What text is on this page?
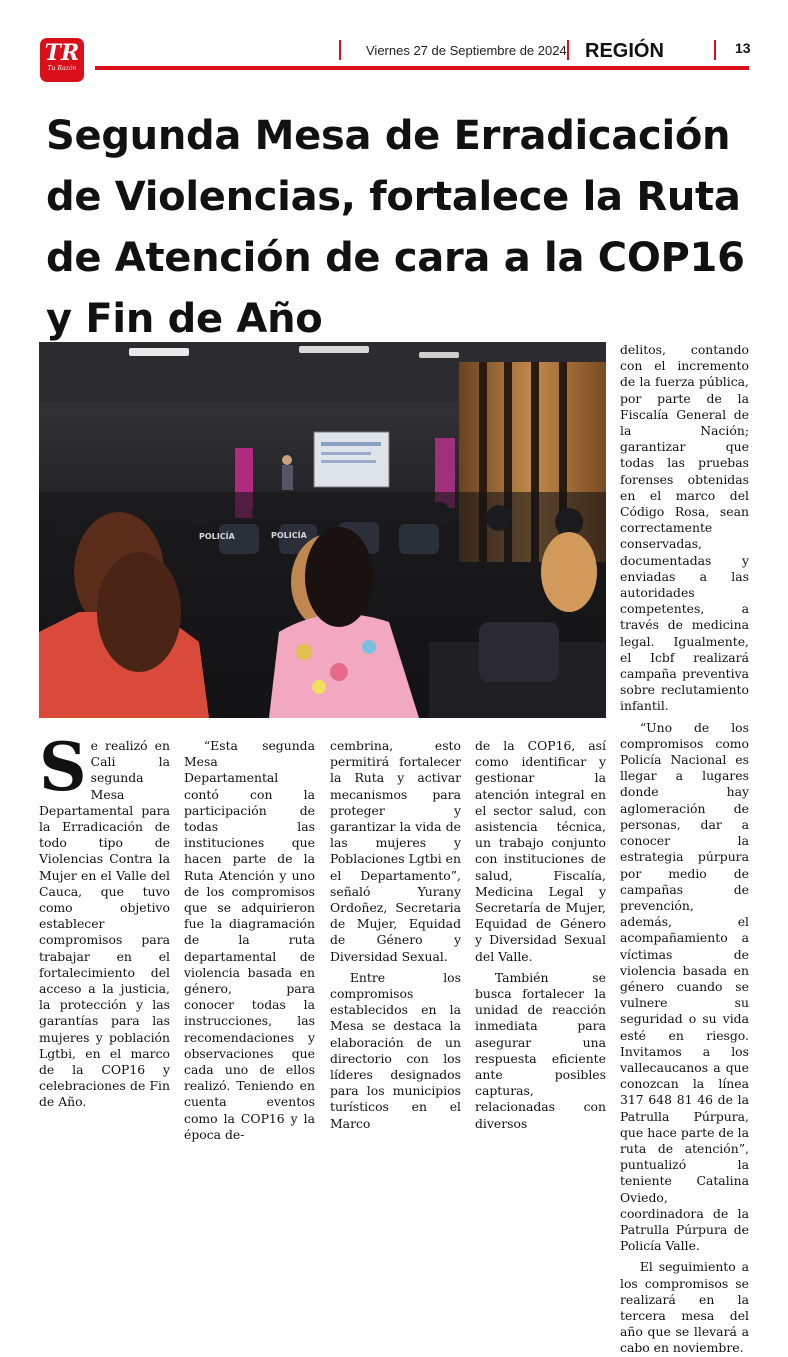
TR
Tu Razón
Viernes 27 de Septiembre de 2024 REGIÓN	13
Segunda Mesa de Erradicación de Violencias, fortalece la Ruta de Atención de cara a la COP16 y Fin de Año
POLICÍA	POLICÍA
S e realizó en Cali la segunda Mesa Departamental para la Erradicación de todo tipo de Violencias Contra la Mujer en el Valle del Cauca, que tuvo como objetivo establecer compromisos para trabajar en el fortalecimiento del acceso a la justicia, la protección y las garantías para las mujeres y población Lgtbi, en el marco de la COP16 y celebraciones de Fin de Año.

“Esta segunda Mesa Departamental contó con la participación de todas las instituciones que hacen parte de la Ruta Atención y uno de los compromisos que se adquirieron fue la diagramación de la ruta departamental de violencia basada en género, para conocer todas la instrucciones, las recomendaciones y observaciones que cada uno de ellos realizó. Teniendo en cuenta eventos como la COP16 y la época de-

cembrina, esto permitirá fortalecer la Ruta y activar mecanismos para proteger y garantizar la vida de las mujeres y Poblaciones Lgtbi en el Departamento”, señaló Yurany Ordoñez, Secretaria de Mujer, Equidad de Género y Diversidad Sexual.

Entre los compromisos establecidos en la Mesa se destaca la elaboración de un directorio con los líderes designados para los municipios turísticos en el Marco

de la COP16, así como identificar y gestionar la atención integral en el sector salud, con asistencia técnica, un trabajo conjunto con instituciones de salud, Fiscalía, Medicina Legal y Secretaría de Mujer, Equidad de Género y Diversidad Sexual del Valle.

También se busca fortalecer la unidad de reacción inmediata para asegurar una respuesta eficiente ante posibles capturas, relacionadas con diversos

delitos, contando con el incremento de la fuerza pública, por parte de la Fiscalía General de la Nación; garantizar que todas las pruebas forenses obtenidas en el marco del Código Rosa, sean correctamente conservadas, documentadas y enviadas a las autoridades competentes, a través de medicina legal. Igualmente, el Icbf realizará campaña preventiva sobre reclutamiento infantil.

“Uno de los compromisos como Policía Nacional es llegar a lugares donde hay aglomeración de personas, dar a conocer la estrategia púrpura por medio de campañas de prevención, además, el acompañamiento a víctimas de violencia basada en género cuando se vulnere su seguridad o su vida esté en riesgo. Invitamos a los vallecaucanos a que conozcan la línea 317 648 81 46 de la Patrulla Púrpura, que hace parte de la ruta de atención”, puntualizó la teniente Catalina Oviedo, coordinadora de la Patrulla Púrpura de Policía Valle.

El seguimiento a los compromisos se realizará en la tercera mesa del año que se llevará a cabo en noviembre.
